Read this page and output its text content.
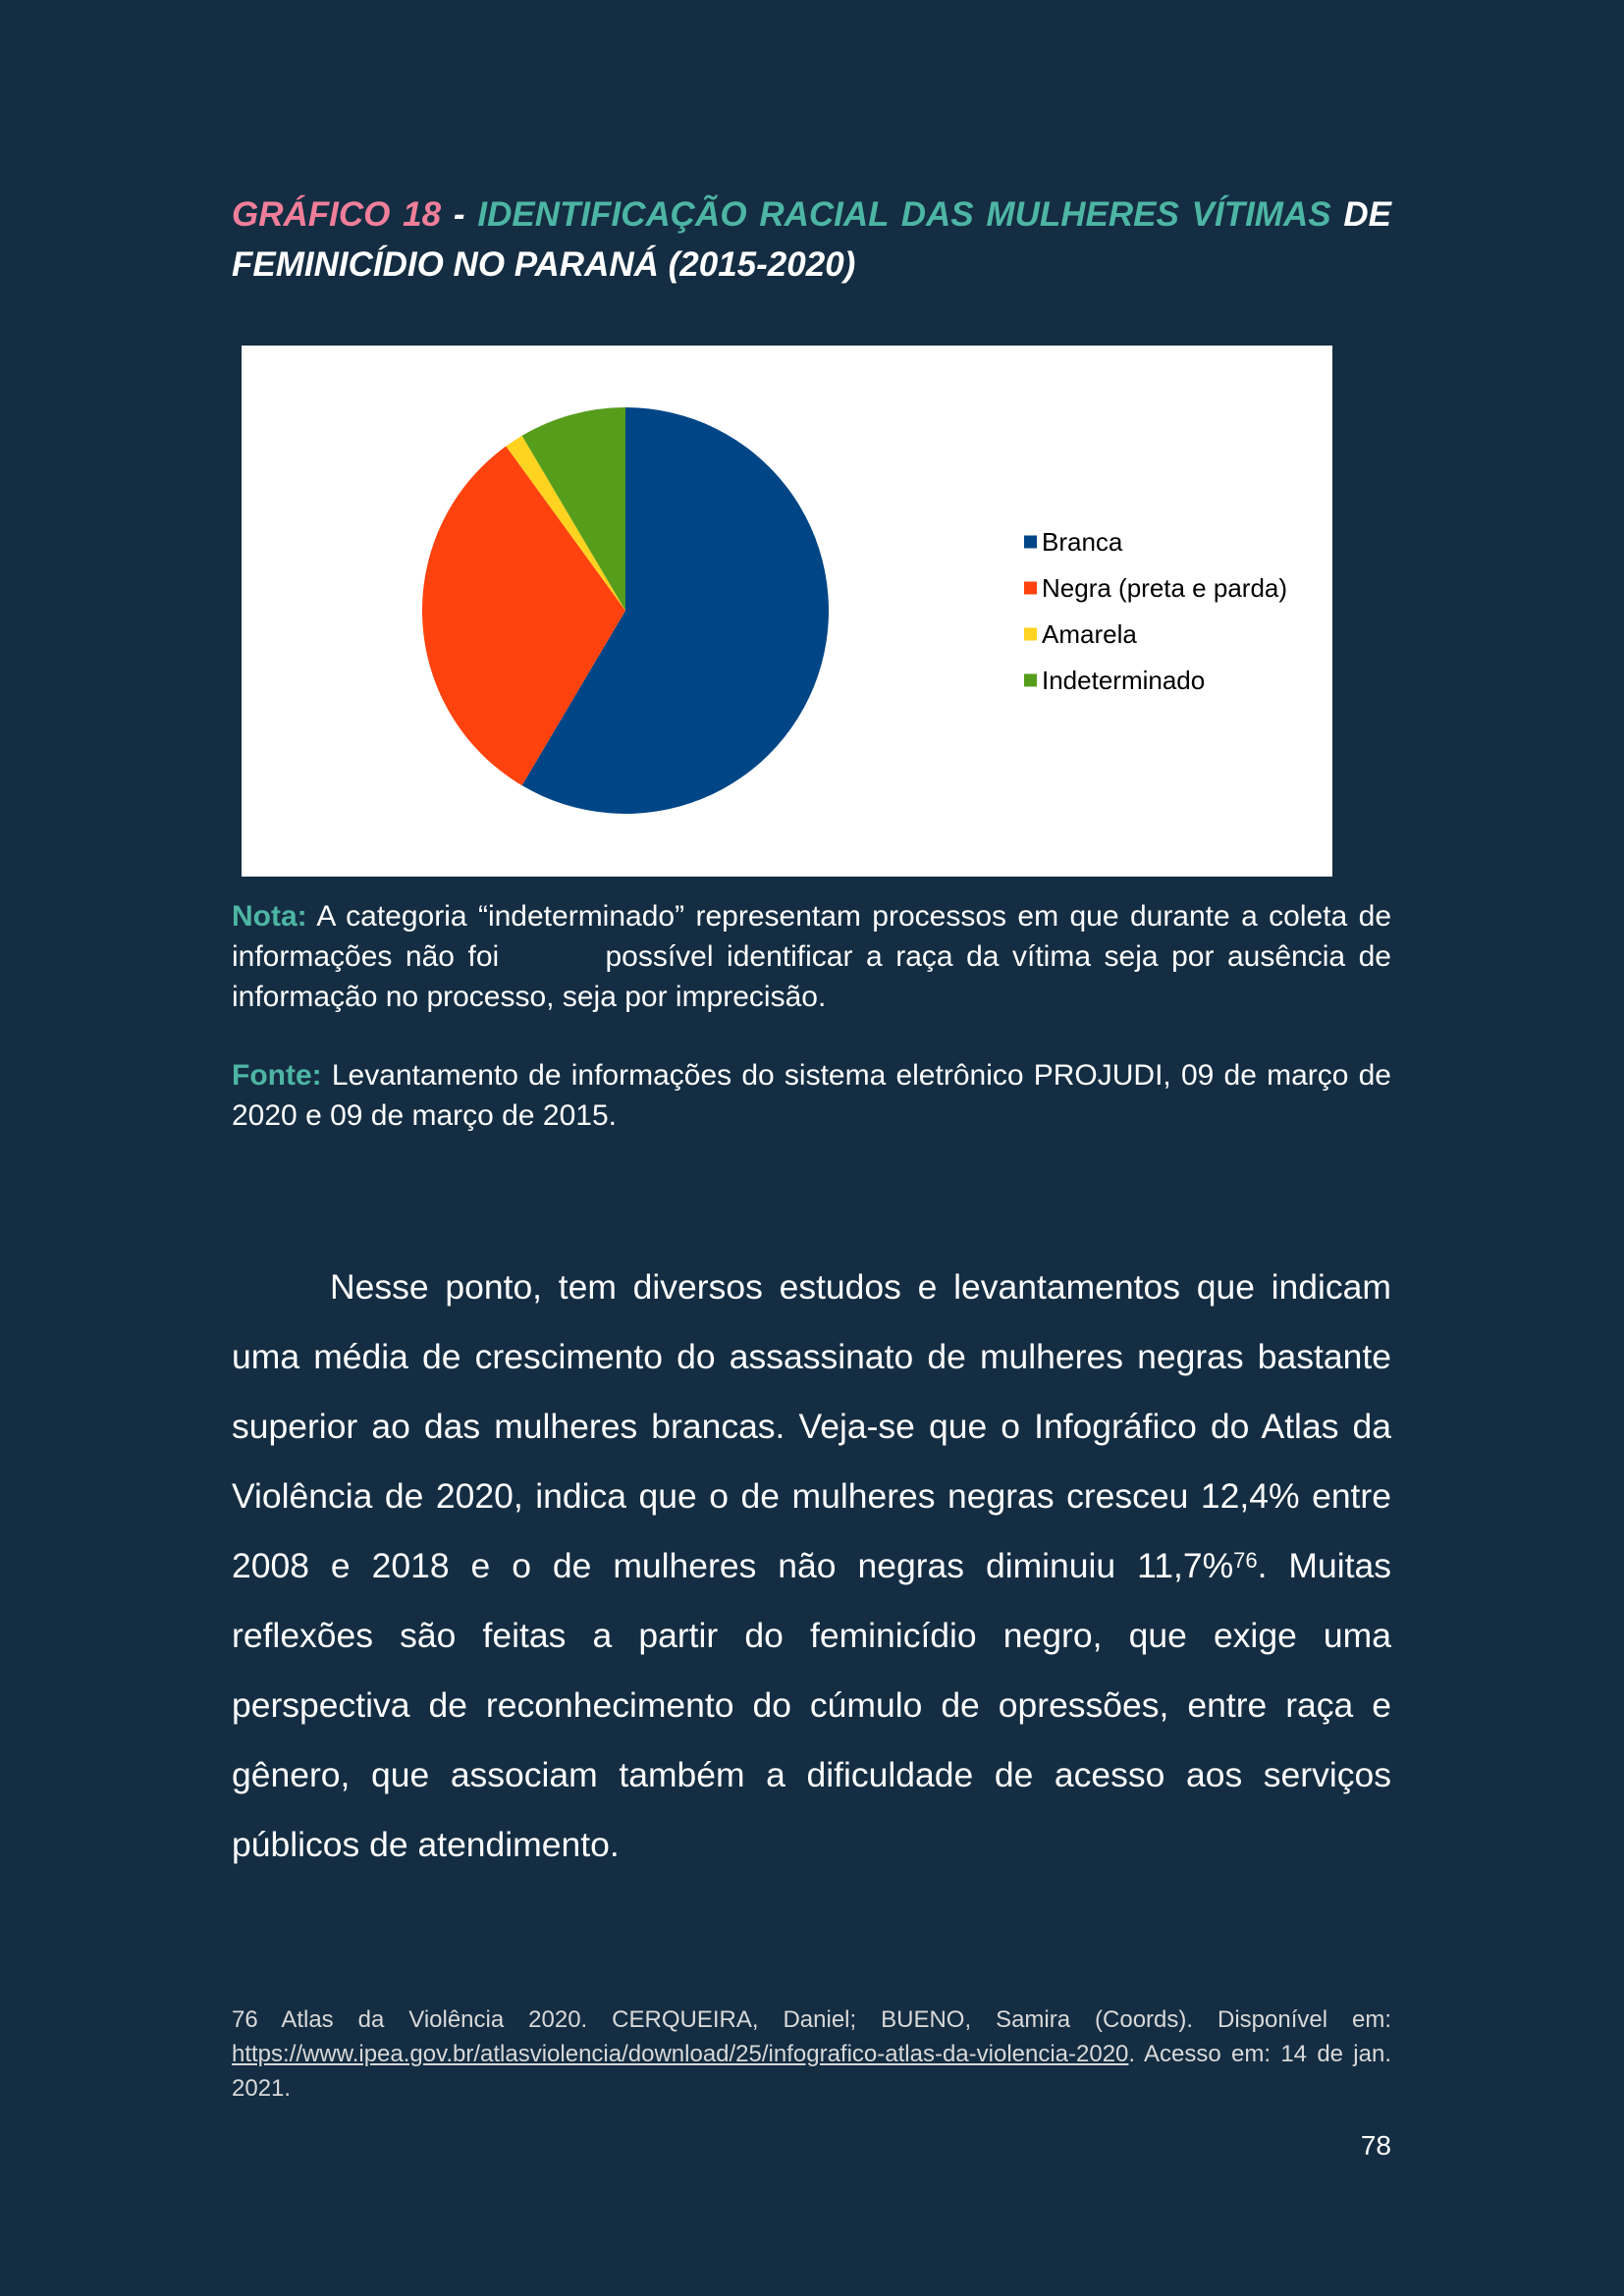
GRÁFICO 18 - IDENTIFICAÇÃO RACIAL DAS MULHERES VÍTIMAS DE FEMINICÍDIO NO PARANÁ (2015-2020)
Branca
Negra (preta e parda)
Amarela
Indeterminado

Nota: A categoria “indeterminado” representam processos em que durante a coleta de informações não foi        possível identificar a raça da vítima seja por ausência de informação no processo, seja por imprecisão.

Fonte: Levantamento de informações do sistema eletrônico PROJUDI, 09 de março de 2020 e 09 de março de 2015.

Nesse ponto, tem diversos estudos e levantamentos que indicam uma média de crescimento do assassinato de mulheres negras bastante superior ao das mulheres brancas. Veja-se que o Infográfico do Atlas da Violência de 2020, indica que o de mulheres negras cresceu 12,4% entre 2008 e 2018 e o de mulheres não negras diminuiu 11,7%$^{76}$. Muitas reflexões são feitas a partir do feminicídio negro, que exige uma perspectiva de reconhecimento do cúmulo de opressões, entre raça e gênero, que associam também a dificuldade de acesso aos serviços públicos de atendimento.

76 Atlas da Violência 2020. CERQUEIRA, Daniel; BUENO, Samira (Coords). Disponível em: https://www.ipea.gov.br/atlasviolencia/download/25/infografico-atlas-da-violencia-2020. Acesso em: 14 de jan. 2021.

78
